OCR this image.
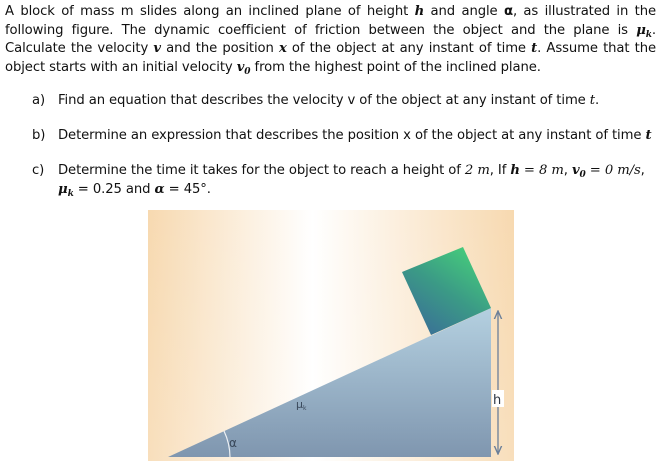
A block of mass m slides along an inclined plane of height h and angle α, as illustrated in the following figure. The dynamic coefficient of friction between the object and the plane is $\mu_k$. Calculate the velocity v and the position x of the object at any instant of time t. Assume that the object starts with an initial velocity $v_0$ from the highest point of the inclined plane.
a) Find an equation that describes the velocity v of the object at any instant of time t.
b) Determine an expression that describes the position x of the object at any instant of time t
c) Determine the time it takes for the object to reach a height of 2 m, If h = 8 m, $v_0 = 0$ m/s,
$\mu_k = 0.25$ and α = 45°.
α
μk
h
